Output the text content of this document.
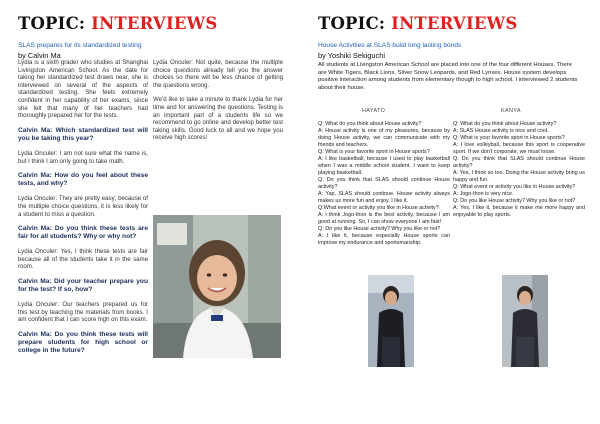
TOPIC: INTERVIEWS
SLAS prepares for its standardized testing
by Calvin Ma

Lydia is a sixth grader who studies at Shanghai Livingston American School. As the date for taking her standardized test draws near, she is interviewed on several of the aspects of standardized testing. She feels extremely confident in her capability of her exams, since she felt that many of her teachers had thoroughly prepared her for the tests.

Calvin Ma: Which standardized test will you be taking this year?

Lydia Onculer: I am not sure what the name is, but I think I am only going to take math.

Calvin Ma: How do you feel about these tests, and why?

Lydia Onculer: They are pretty easy; because of the multiple choice questions, it is less likely for a student to miss a question.

Calvin Ma: Do you think these tests are fair for all students? Why or why not?

Lydia Onculer: Yes, I think these tests are fair because all of the students take it in the same room.

Calvin Ma: Did your teacher prepare you for the test? If so, how?

Lydia Onculer: Our teachers prepared us for this test by teaching the materials from books. I am confident that I can score high on this exam.

Calvin Ma: Do you think these tests will prepare students for high school or college in the future?

Lydia Onculer: Not quite, because the multiple choice questions already tell you the answer choices so there will be less chance of getting the questions wrong.

We'd like to take a minute to thank Lydia for her time and for answering the questions. Testing is an important part of a students life so we recommend to go online and develop better test taking skills. Good luck to all and we hope you receive high scores!

TOPIC: INTERVIEWS
House Activities at SLAS build long lasting bonds
by Yoshiki Sekiguchi
All students at Livingston American School are placed into one of the four different Houses. There are White Tigers, Black Lions, Silver Snow Leopards, and Red Lynxes. House system develops positive interaction among students from elementary though to high school. I interviewed 2 students about their house.
HAYATO	KANYA

Q: What do you think about House activity?

A: House activity is one of my pleasures, because by doing House activity, we can communicate with my friends and teachers.

Q: What is your favorite sport in House sports?

A: I like basketball, because I used to play basketball when I was a middle school student. I want to keep playing basketball.

Q: Do you think that SLAS should continue House activity?

A: Yap, SLAS should continue. House activity always makes us more fun and enjoy. I like it.

Q:What event or activity you like in House activity?

A: I think Jogo-thon is the best activity, because I am good at running. So, I can show everyone I am fast!

Q: Do you like House activity? Why you like or not?

A: I like it, because especially House sports can improve my endurance and sportsmanship.

Q: What do you think about House activity?

A: SLAS House activity is nice and cool.

Q: What is your favorite sport in House sports?

A: I love volleyball, because this sport is cooperative sport. If we don't corporate, we must loose.

Q: Do you think that SLAS should continue House activity?

A: Yes, I think so too. Doing the House activity bring us happy and fun.

Q: What event or activity you like in House activity?

A: Jogo-thon is very nice.

Q: Do you like House activity? Why you like or not?

A: Yes, I like it, because it make me more happy and enjoyable to play sports.
